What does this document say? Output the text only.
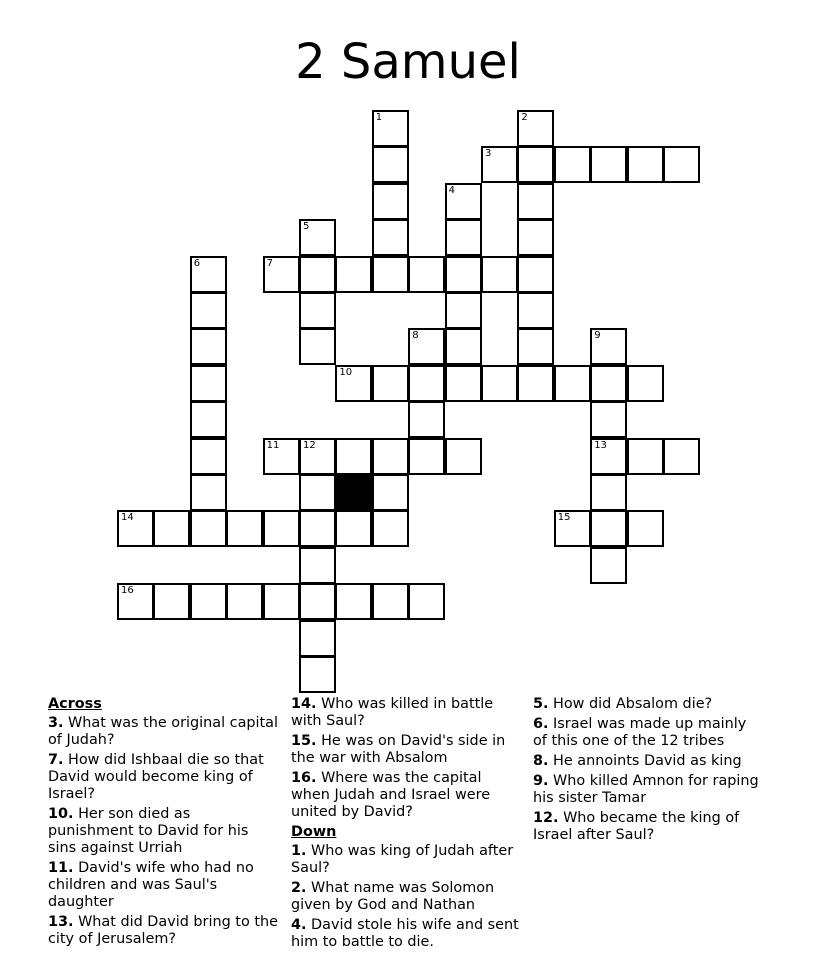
2 Samuel
1	2
3
4
5
6	7
8	9
10
11 12	13
14	15
16
Across
3. What was the original capital of Judah?
7. How did Ishbaal die so that David would become king of Israel?
10. Her son died as punishment to David for his sins against Urriah
11. David's wife who had no children and was Saul's daughter
13. What did David bring to the city of Jerusalem?
14. Who was killed in battle with Saul?
15. He was on David's side in the war with Absalom
16. Where was the capital when Judah and Israel were united by David?
Down
1. Who was king of Judah after Saul?
2. What name was Solomon given by God and Nathan
4. David stole his wife and sent him to battle to die.
5. How did Absalom die?
6. Israel was made up mainly of this one of the 12 tribes
8. He annoints David as king
9. Who killed Amnon for raping his sister Tamar
12. Who became the king of Israel after Saul?
